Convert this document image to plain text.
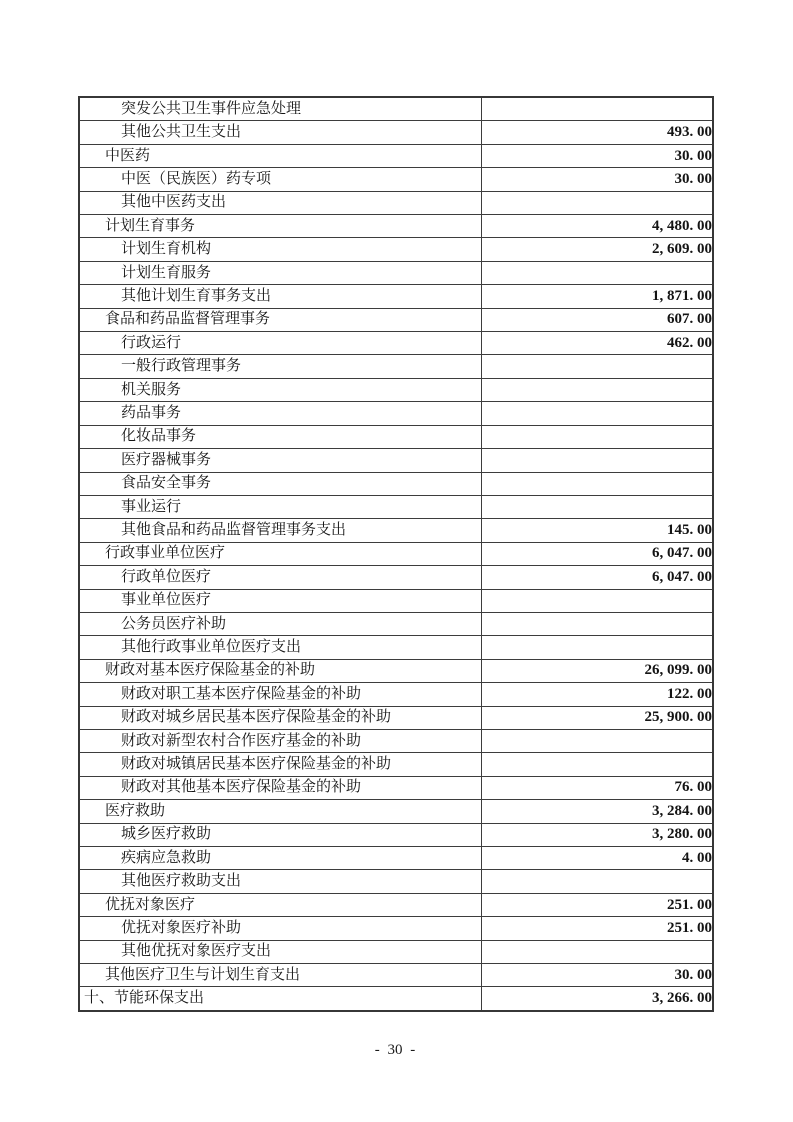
突发公共卫生事件应急处理	
其他公共卫生支出	493. 00
中医药	30. 00
中医（民族医）药专项	30. 00
其他中医药支出	
计划生育事务	4, 480. 00
计划生育机构	2, 609. 00
计划生育服务	
其他计划生育事务支出	1, 871. 00
食品和药品监督管理事务	607. 00
行政运行	462. 00
一般行政管理事务	
机关服务	
药品事务	
化妆品事务	
医疗器械事务	
食品安全事务	
事业运行	
其他食品和药品监督管理事务支出	145. 00
行政事业单位医疗	6, 047. 00
行政单位医疗	6, 047. 00
事业单位医疗	
公务员医疗补助	
其他行政事业单位医疗支出	
财政对基本医疗保险基金的补助	26, 099. 00
财政对职工基本医疗保险基金的补助	122. 00
财政对城乡居民基本医疗保险基金的补助	25, 900. 00
财政对新型农村合作医疗基金的补助	
财政对城镇居民基本医疗保险基金的补助	
财政对其他基本医疗保险基金的补助	76. 00
医疗救助	3, 284. 00
城乡医疗救助	3, 280. 00
疾病应急救助	4. 00
其他医疗救助支出	
优抚对象医疗	251. 00
优抚对象医疗补助	251. 00
其他优抚对象医疗支出	
其他医疗卫生与计划生育支出	30. 00
十、节能环保支出	3, 266. 00
- 30 -
